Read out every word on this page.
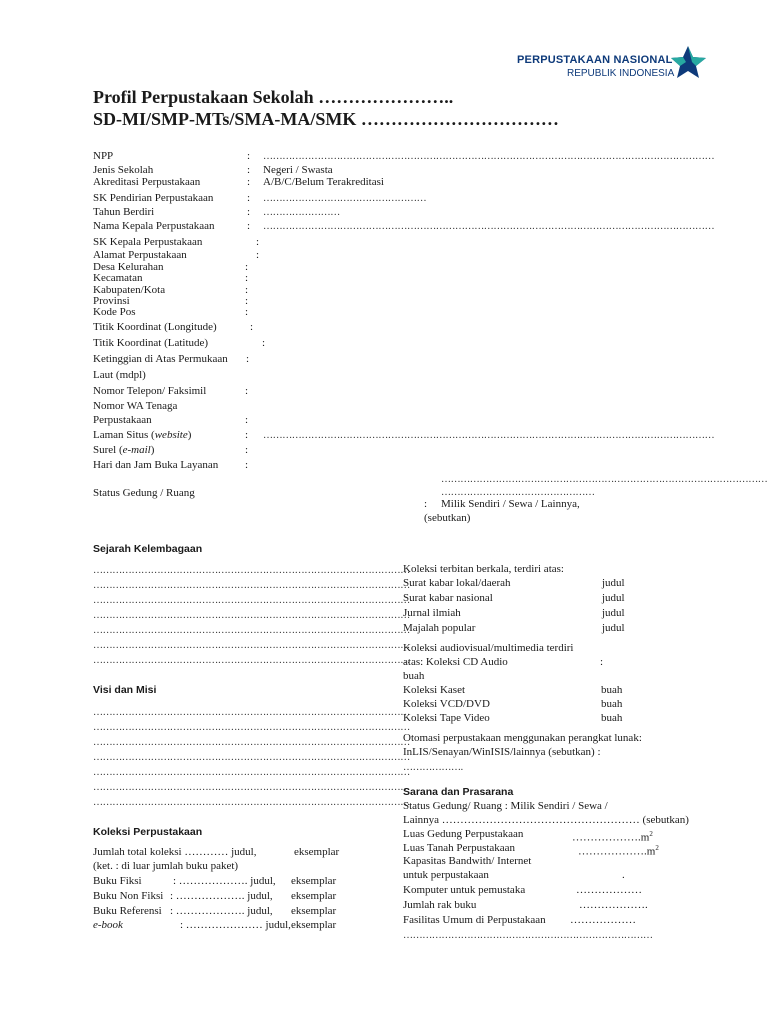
PERPUSTAKAAN NASIONAL
REPUBLIK INDONESIA
Profil Perpustakaan Sekolah …………………..
SD-MI/SMP-MTs/SMA-MA/SMK ……………………………
NPP	: ……………………………………………………………………………………………………………………………
Jenis Sekolah	: Negeri / Swasta
Akreditasi Perpustakaan	: A/B/C/Belum Terakreditasi
SK Pendirian Perpustakaan	: ……………………………………………
Tahun Berdiri	: ……………………
Nama Kepala Perpustakaan	: ……………………………………………………………………………………………………………………………
SK Kepala Perpustakaan	:
Alamat Perpustakaan	:
Desa Kelurahan	:
Kecamatan	:
Kabupaten/Kota	:
Provinsi	:
Kode Pos	:
Titik Koordinat (Longitude)	:
Titik Koordinat (Latitude)	:
Ketinggian di Atas Permukaan :
Laut (mdpl)
Nomor Telepon/ Faksimil	:
Nomor WA Tenaga
Perpustakaan	:
Laman Situs (website)	: ……………………………………………………………………………………………………………………………
Surel (e-mail)	:
Hari dan Jam Buka Layanan :
…………………………………………………………………………………………
…………………………………………
Status Gedung / Ruang
: Milik Sendiri / Sewa / Lainnya,
(sebutkan)
Sejarah Kelembagaan
………………………………………………………………………………………
………………………………………………………………………………………
………………………………………………………………………………………
………………………………………………………………………………………
………………………………………………………………………………………
………………………………………………………………………………………
………………………………………………………………………………………
Visi dan Misi
………………………………………………………………………………………
………………………………………………………………………………………
………………………………………………………………………………………
………………………………………………………………………………………
………………………………………………………………………………………
………………………………………………………………………………………
………………………………………………………………………………………
Koleksi Perpustakaan
Jumlah total koleksi ………… judul,	eksemplar
(ket. : di luar jumlah buku paket)
Buku Fiksi	: ………………. judul, eksemplar
Buku Non Fiksi : ………………. judul, eksemplar
Buku Referensi : ………………. judul, eksemplar
e-book	: ………………… judul, eksemplar
Koleksi terbitan berkala, terdiri atas:
Surat kabar lokal/daerah	judul
Surat kabar nasional	judul
Jurnal ilmiah	judul
Majalah popular	judul
Koleksi audiovisual/multimedia terdiri
atas: Koleksi CD Audio	:
buah
Koleksi Kaset	buah
Koleksi VCD/DVD	buah
Koleksi Tape Video	buah
Otomasi perpustakaan menggunakan perangkat lunak:
InLIS/Senayan/WinISIS/lainnya (sebutkan) :
……………….
Sarana dan Prasarana
Status Gedung/ Ruang : Milik Sendiri / Sewa /
Lainnya ……………………………………………… (sebutkan)
Luas Gedung Perpustakaan	$\dots\dots\dots\dots\dots\dots.m^2$
Luas Tanah Perpustakaan	$\dots\dots\dots\dots\dots\dots.m^2$
Kapasitas Bandwith/ Internet
untuk perpustakaan	.
Komputer untuk pemustaka	………………
Jumlah rak buku	……………….
Fasilitas Umum di Perpustakaan ………………
……………………………………………………………………
